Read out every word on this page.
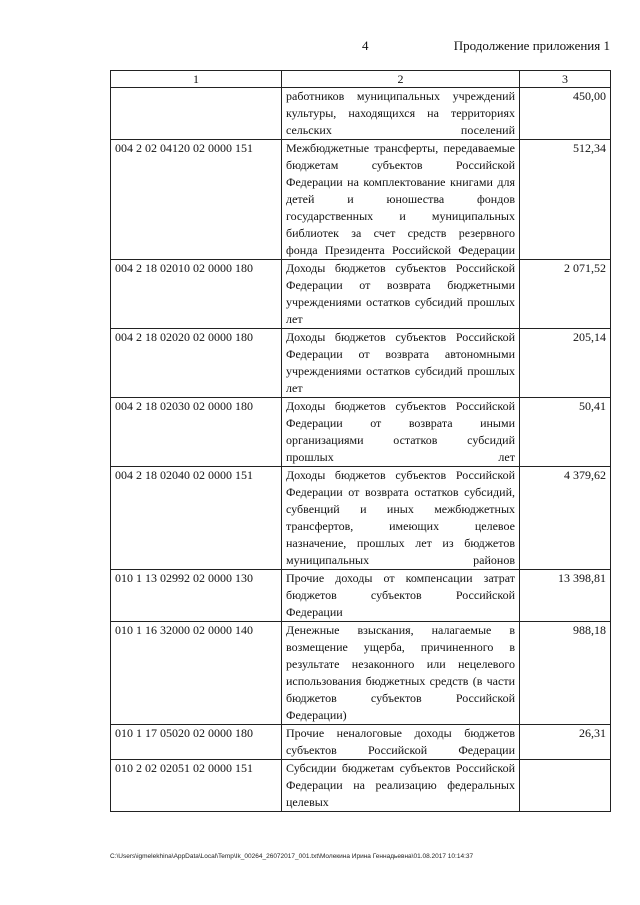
4	Продолжение приложения 1
1	2	3
	работников муниципальных учреждений культуры, находящихся на территориях сельских поселений	450,00
004 2 02 04120 02 0000 151	Межбюджетные трансферты, передаваемые бюджетам субъектов Российской Федерации на комплектование книгами для детей и юношества фондов государственных и муниципальных библиотек за счет средств резервного фонда Президента Российской Федерации	512,34
004 2 18 02010 02 0000 180	Доходы бюджетов субъектов Российской Федерации от возврата бюджетными учреждениями остатков субсидий прошлых лет	2 071,52
004 2 18 02020 02 0000 180	Доходы бюджетов субъектов Российской Федерации от возврата автономными учреждениями остатков субсидий прошлых лет	205,14
004 2 18 02030 02 0000 180	Доходы бюджетов субъектов Российской Федерации от возврата иными организациями остатков субсидий прошлых лет	50,41
004 2 18 02040 02 0000 151	Доходы бюджетов субъектов Российской Федерации от возврата остатков субсидий, субвенций и иных межбюджетных трансфертов, имеющих целевое назначение, прошлых лет из бюджетов муниципальных районов	4 379,62
010 1 13 02992 02 0000 130	Прочие доходы от компенсации затрат бюджетов субъектов Российской Федерации	13 398,81
010 1 16 32000 02 0000 140	Денежные взыскания, налагаемые в возмещение ущерба, причиненного в результате незаконного или нецелевого использования бюджетных средств (в части бюджетов субъектов Российской Федерации)	988,18
010 1 17 05020 02 0000 180	Прочие неналоговые доходы бюджетов субъектов Российской Федерации	26,31
010 2 02 02051 02 0000 151	Субсидии бюджетам субъектов Российской Федерации на реализацию федеральных целевых	
C:\Users\igmelekhina\AppData\Local\Temp\Ik_00264_26072017_001.txt\Молекина Ирина Геннадьевна\01.08.2017 10:14:37
